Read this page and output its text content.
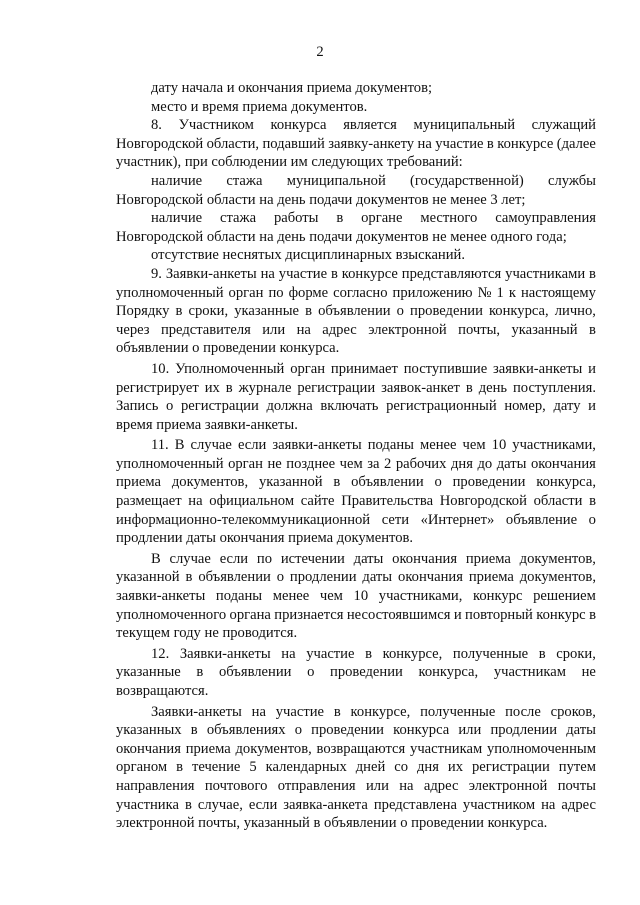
2
дату начала и окончания приема документов;
место и время приема документов.
8. Участником конкурса является муниципальный служащий
Новгородской области, подавший заявку-анкету на участие в конкурсе (далее
участник), при соблюдении им следующих требований:
наличие стажа муниципальной (государственной) службы
Новгородской области на день подачи документов не менее 3 лет;
наличие стажа работы в органе местного самоуправления
Новгородской области на день подачи документов не менее одного года;
отсутствие неснятых дисциплинарных взысканий.
9. Заявки-анкеты на участие в конкурсе представляются участниками в
уполномоченный орган по форме согласно приложению № 1 к настоящему
Порядку в сроки, указанные в объявлении о проведении конкурса, лично,
через представителя или на адрес электронной почты, указанный в
объявлении о проведении конкурса.
10. Уполномоченный орган принимает поступившие заявки-анкеты и
регистрирует их в журнале регистрации заявок-анкет в день поступления.
Запись о регистрации должна включать регистрационный номер, дату и
время приема заявки-анкеты.
11. В случае если заявки-анкеты поданы менее чем 10 участниками,
уполномоченный орган не позднее чем за 2 рабочих дня до даты окончания
приема документов, указанной в объявлении о проведении конкурса,
размещает на официальном сайте Правительства Новгородской области в
информационно-телекоммуникационной сети «Интернет» объявление о
продлении даты окончания приема документов.
В случае если по истечении даты окончания приема документов,
указанной в объявлении о продлении даты окончания приема документов,
заявки-анкеты поданы менее чем 10 участниками, конкурс решением
уполномоченного органа признается несостоявшимся и повторный конкурс в
текущем году не проводится.
12. Заявки-анкеты на участие в конкурсе, полученные в сроки,
указанные в объявлении о проведении конкурса, участникам не
возвращаются.
Заявки-анкеты на участие в конкурсе, полученные после сроков,
указанных в объявлениях о проведении конкурса или продлении даты
окончания приема документов, возвращаются участникам уполномоченным
органом в течение 5 календарных дней со дня их регистрации путем
направления почтового отправления или на адрес электронной почты
участника в случае, если заявка-анкета представлена участником на адрес
электронной почты, указанный в объявлении о проведении конкурса.
